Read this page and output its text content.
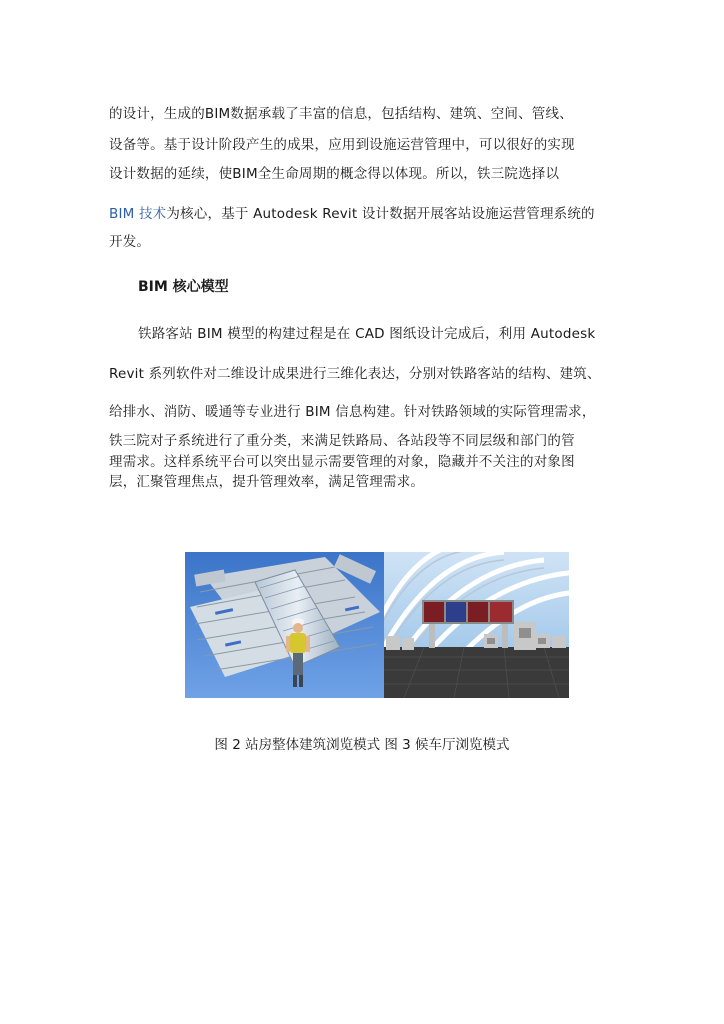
的设计，生成的BIM数据承载了丰富的信息，包括结构、建筑、空间、管线、
设备等。基于设计阶段产生的成果，应用到设施运营管理中，可以很好的实现
设计数据的延续，使BIM全生命周期的概念得以体现。所以，铁三院选择以
BIM 技术为核心，基于 Autodesk Revit 设计数据开展客站设施运营管理系统的
开发。
BIM 核心模型
铁路客站 BIM 模型的构建过程是在 CAD 图纸设计完成后，利用 Autodesk
Revit 系列软件对二维设计成果进行三维化表达，分别对铁路客站的结构、建筑、
给排水、消防、暖通等专业进行 BIM 信息构建。针对铁路领域的实际管理需求，
铁三院对子系统进行了重分类，来满足铁路局、各站段等不同层级和部门的管
理需求。这样系统平台可以突出显示需要管理的对象，隐藏并不关注的对象图
层，汇聚管理焦点，提升管理效率，满足管理需求。
图 2 站房整体建筑浏览模式 图 3 候车厅浏览模式
